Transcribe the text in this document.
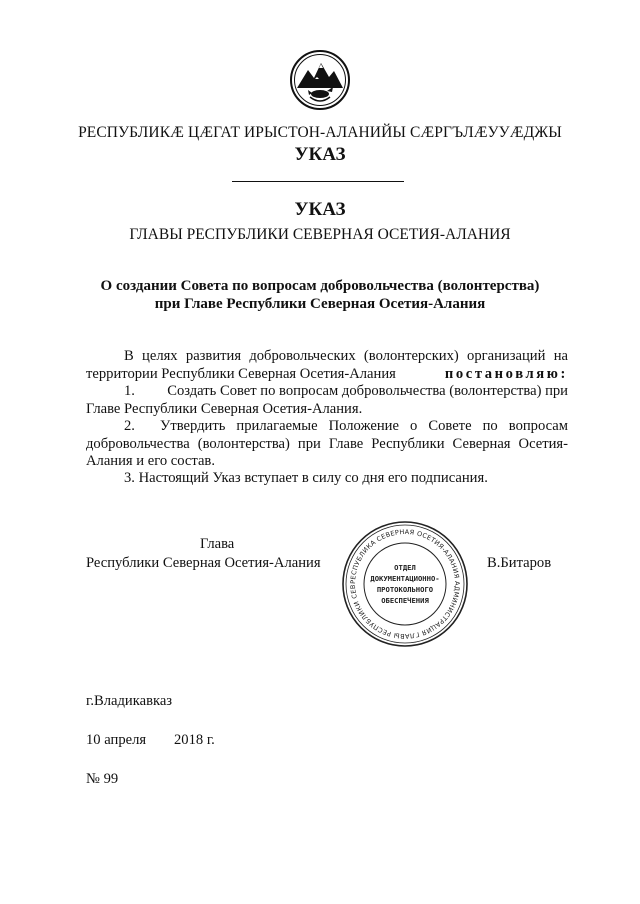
РЕСПУБЛИКӔ ЦӔГАТ ИРЫСТОН-АЛАНИЙЫ СӔРГЪЛӔУУӔДЖЫ
УКАЗ
УКАЗ
ГЛАВЫ РЕСПУБЛИКИ СЕВЕРНАЯ ОСЕТИЯ-АЛАНИЯ
О создании Совета по вопросам добровольчества (волонтерства)
при Главе Республики Северная Осетия-Алания
В целях развития добровольческих (волонтерских) организаций на
территории Республики Северная Осетия-Алания	постановляю:
1. Создать Совет по вопросам добровольчества (волонтерства) при
Главе Республики Северная Осетия-Алания.
2.	Утвердить прилагаемые Положение о Совете по вопросам
добровольчества (волонтерства) при Главе Республики Северная Осетия-
Алания и его состав.
3. Настоящий Указ вступает в силу со дня его подписания.
Глава
Республики Северная Осетия-Алания	В.Битаров
РЕСПУБЛИКА СЕВЕРНАЯ ОСЕТИЯ-АЛАНИЯ АДМИНИСТРАЦИЯ ГЛАВЫ РЕСПУБЛИКИ СЕВ
ОТДЕЛ
ДОКУМЕНТАЦИОННО-
ПРОТОКОЛЬНОГО
ОБЕСПЕЧЕНИЯ
г.Владикавказ
10 апреля 2018 г.
№ 99
